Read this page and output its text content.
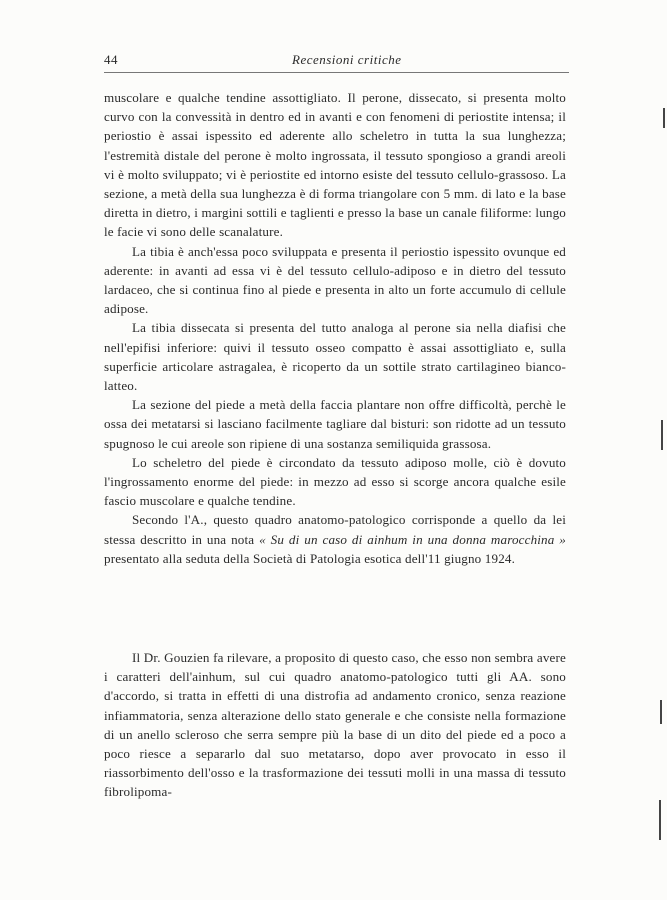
44	Recensioni critiche

muscolare e qualche tendine assottigliato. Il perone, dissecato, si presenta molto curvo con la convessità in dentro ed in avanti e con fenomeni di periostite intensa; il periostio è assai ispessito ed aderente allo scheletro in tutta la sua lunghezza; l'estremità distale del perone è molto ingrossata, il tessuto spongioso a grandi areoli vi è molto sviluppato; vi è periostite ed intorno esiste del tessuto cellulo-grassoso. La sezione, a metà della sua lunghezza è di forma triangolare con 5 mm. di lato e la base diretta in dietro, i margini sottili e taglienti e presso la base un canale filiforme: lungo le facie vi sono delle scanalature.

La tibia è anch'essa poco sviluppata e presenta il periostio ispessito ovunque ed aderente: in avanti ad essa vi è del tessuto cellulo-adiposo e in dietro del tessuto lardaceo, che si continua fino al piede e presenta in alto un forte accumulo di cellule adipose.

La tibia dissecata si presenta del tutto analoga al perone sia nella diafisi che nell'epifisi inferiore: quivi il tessuto osseo compatto è assai assottigliato e, sulla superficie articolare astragalea, è ricoperto da un sottile strato cartilagineo bianco-latteo.

La sezione del piede a metà della faccia plantare non offre difficoltà, perchè le ossa dei metatarsi si lasciano facilmente tagliare dal bisturi: son ridotte ad un tessuto spugnoso le cui areole son ripiene di una sostanza semiliquida grassosa.

Lo scheletro del piede è circondato da tessuto adiposo molle, ciò è dovuto l'ingrossamento enorme del piede: in mezzo ad esso si scorge ancora qualche esile fascio muscolare e qualche tendine.

Secondo l'A., questo quadro anatomo-patologico corrisponde a quello da lei stessa descritto in una nota « Su di un caso di ainhum in una donna marocchina » presentato alla seduta della Società di Patologia esotica dell'11 giugno 1924.

Il Dr. Gouzien fa rilevare, a proposito di questo caso, che esso non sembra avere i caratteri dell'ainhum, sul cui quadro anatomo-patologico tutti gli AA. sono d'accordo, si tratta in effetti di una distrofia ad andamento cronico, senza reazione infiammatoria, senza alterazione dello stato generale e che consiste nella formazione di un anello scleroso che serra sempre più la base di un dito del piede ed a poco a poco riesce a separarlo dal suo metatarso, dopo aver provocato in esso il riassorbimento dell'osso e la trasformazione dei tessuti molli in una massa di tessuto fibrolipoma-
